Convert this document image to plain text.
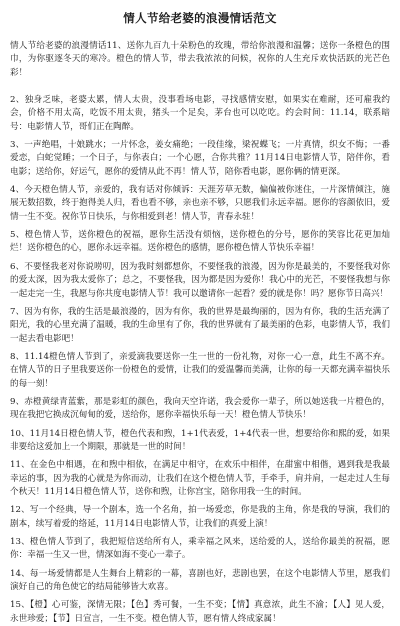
情人节给老婆的浪漫情话范文

情人节给老婆的浪漫情话11、送你九百九十朵粉色的玫瑰，带给你浪漫和温馨；送你一条橙色的围巾，为你驱逐冬天的寒冷。橙色的情人节，带去我浓浓的问候，祝你的人生充斥欢快活跃的光芒色彩！

2、独身乏味，老婆太累，情人太贵，没事看场电影，寻找感情安慰，如果实在难耐，还可雇我约会，价格不用太高，吃饭不用太贵，猪头一个足矣，茅台也可以吃吃。约会时间：11.14，联系暗号：电影情人节，哥们正在陶醉。

3、一声绝唱，十娘跳水；一片怀念，姜女痛绝；一段佳缘，梁祝蝶飞；一片真情，织女不悔；一番爱恋，白蛇觉睡；一个日子，与你表白；一个心愿，合你共雅？11月14日电影情人节，陪伴你，看电影；送给你，好运气，愿你的爱情从此不再！情人节，陪你看电影，愿你俩的情更深。

4、今天橙色情人节，亲爱的，我有话对你倾诉：天涯芳草无数，偏偏被你迷住，一片深情倾注，施展无数招数，终于抱得美人归，看也看不够，亲也亲不够，只愿我们永远幸福。愿你的容颜依旧，爱情一生不变。祝你节日快乐，与你相爱到老！情人节，青春永驻！

5、橙色情人节，送你橙色的祝福，愿你生活没有烦恼，送你橙色的分号，愿你的笑容比花更加灿烂！送你橙色的心，愿你永远幸福。送你橙色的感情，愿你橙色情人节快乐幸福！

6、不要怪我老对你说唠叨，因为我时刻都想你，不要怪我的浪漫，因为你是最美的，不要怪我对你的爱太深，因为我太爱你了；总之，不要怪我，因为都是因为爱你！我心中的光芒，不要怪我想与你一起走完一生，我愿与你共度电影情人节！我可以邀请你一起看？爱的就是你！吗？愿你节日高兴！

7、因为有你，我的生活是最浪漫的，因为有你，我的世界是最绚丽的，因为有你，我的生活充满了阳光，我的心里充满了温暖，我的生命里有了你，我的世界就有了最美丽的色彩，电影情人节，我们一起去看电影吧！

8、11.14橙色情人节到了，亲爱滴我要送你一生一世的一份礼物，对你一心一意，此生不离不弃。在情人节的日子里我要送你一份橙色的爱情，让我们的爱温馨而美满，让你的每一天都充满幸福快乐的每一刻！

9、赤橙黄绿青蓝紫，那是彩虹的颜色，我向天空许诺，我会爱你一辈子，所以她送我一片橙色的，现在我把它换成沉甸甸的爱，送给你，愿你幸福快乐每一天！橙色情人节快乐！

10、11月14日橙色情人节，橙色代表和煦，1+1代表爱，1+4代表一世，想要给你和熙的爱，如果非要给这爱加上一个期限，那就是一世的时间！

11、在金色中相遇，在和煦中相依，在满足中相守，在欢乐中相伴，在甜蜜中相偕，遇到我是我最幸运的事，因为我的心就是为你而动，让我们在这个橙色情人节，手牵手，肩并肩，一起走过人生每个秋天！11月14日橙色情人节，送你和煦，让你宫宝，陪你用我一生的时间。

12、写一个经典，导一个剧本，选一个名角，拍一场爱恋，你是我的主角，你是我的导演，我们的剧本，续写着爱的络延，11月14日电影情人节，让我们的真爱上演！

13、橙色情人节到了，我把短信送给所有人，乘幸福之风来，送给爱的人，送给你最美的祝福，愿你：幸福一生又一世，情深如海不变心一辈子。

14、每一场爱情都是人生舞台上精彩的一幕，喜剧也好，悲剧也罢，在这个电影情人节里，愿我们演好自己的角色使它的结局能够皆大欢喜。

15、【橙】心可鉴，深情无限；【色】秀可餐，一生不变；【情】真意浓，此生不渝；【人】见人爱，永世珍爱；【节】日宣言，一生不变。橙色情人节，愿有情人终成家属！
